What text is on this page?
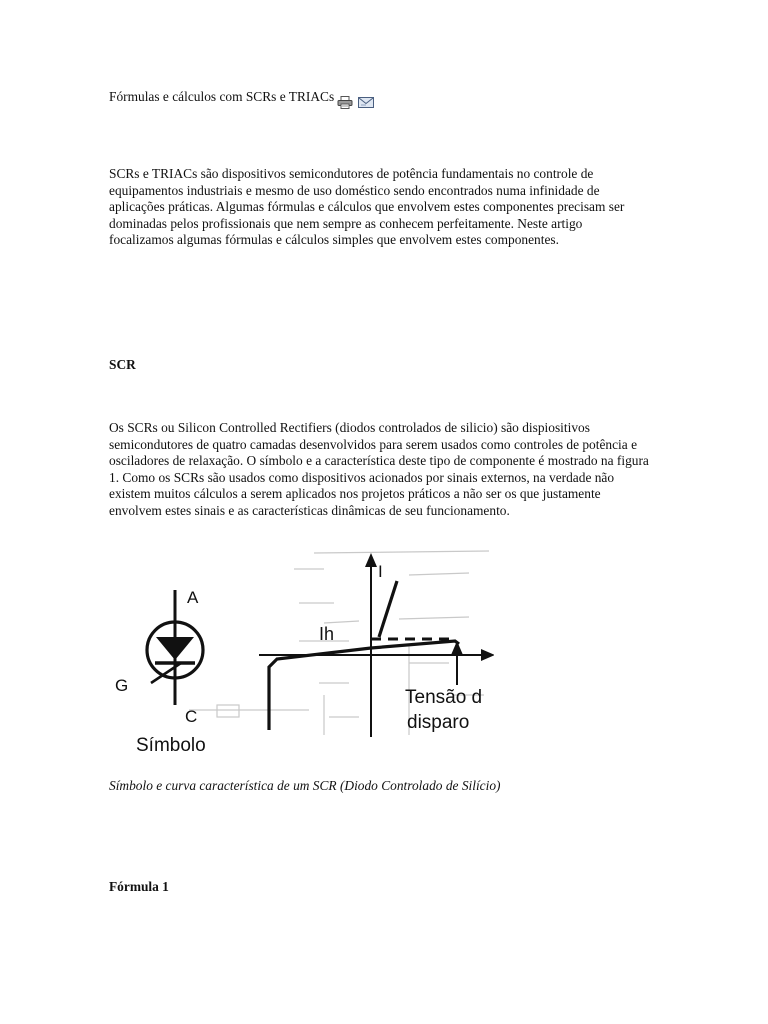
Fórmulas e cálculos com SCRs e TRIACs

SCRs e TRIACs são dispositivos semicondutores de potência fundamentais no controle de equipamentos industriais e mesmo de uso doméstico sendo encontrados numa infinidade de aplicações práticas. Algumas fórmulas e cálculos que envolvem estes componentes precisam ser dominadas pelos profissionais que nem sempre as conhecem perfeitamente. Neste artigo focalizamos algumas fórmulas e cálculos simples que envolvem estes componentes.

SCR

Os SCRs ou Silicon Controlled Rectifiers (diodos controlados de silicio) são dispiositivos semicondutores de quatro camadas desenvolvidos para serem usados como controles de potência e osciladores de relaxação. O símbolo e a característica deste tipo de componente é mostrado na figura 1. Como os SCRs são usados como dispositivos acionados por sinais externos, na verdade não existem muitos cálculos a serem aplicados nos projetos práticos a não ser os que justamente envolvem estes sinais e as características dinâmicas de seu funcionamento.

A
G
C
Símbolo
I
Ih
Tensão d
disparo

Símbolo e curva característica de um SCR (Diodo Controlado de Silício)

Fórmula 1
